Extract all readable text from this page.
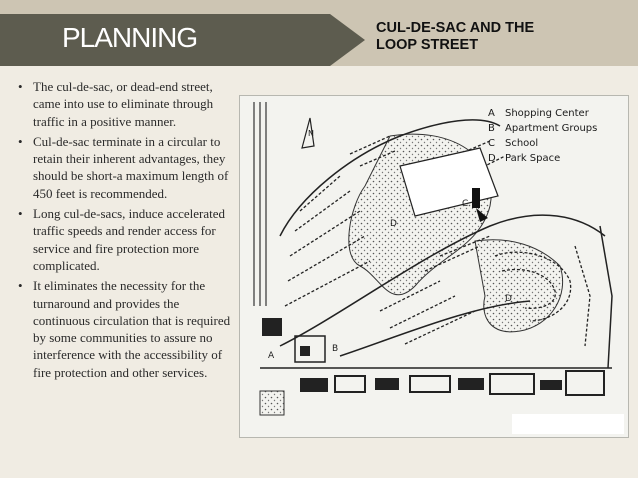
PLANNING	CUL-DE-SAC AND THE
LOOP STREET
• The cul-de-sac, or dead-end street, came into use to eliminate through traffic in a positive manner.
• Cul-de-sac terminate in a circular to retain their inherent advantages, they should be short-a maximum length of 450 feet is recommended.
• Long cul-de-sacs, induce accelerated traffic speeds and render access for service and fire protection more complicated.
• It eliminates the necessity for the turnaround and provides the continuous circulation that is required by some communities to assure no interference with the accessibility of fire protection and other services.
N
A
B
C
D
D
A Shopping Center
B Apartment Groups
C School
D Park Space
